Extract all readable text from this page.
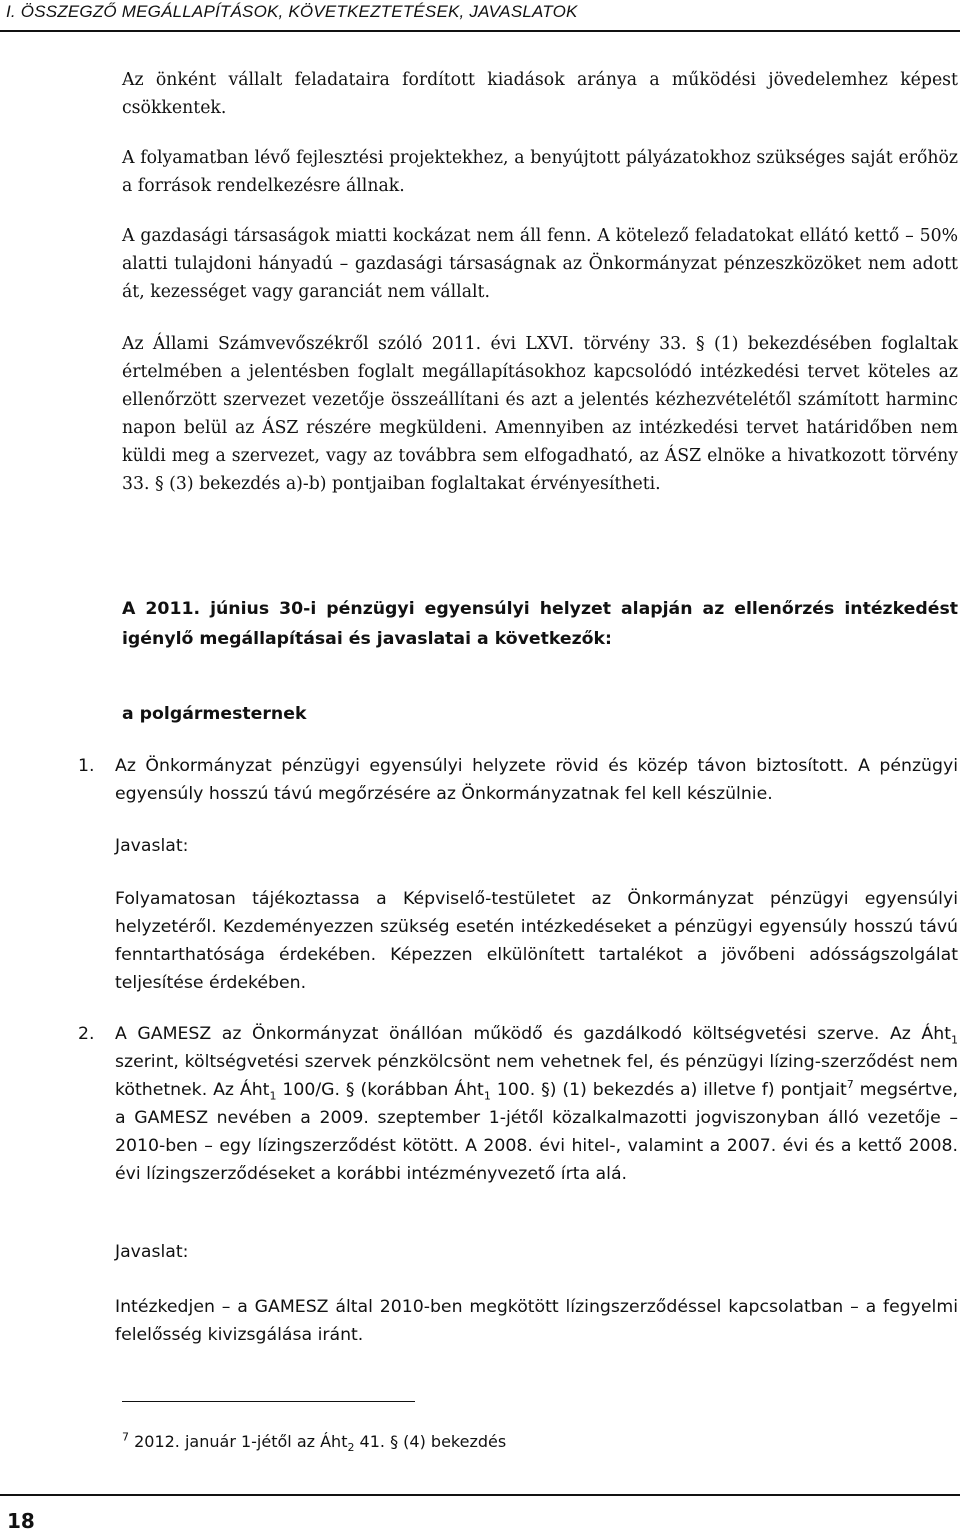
I. ÖSSZEGZŐ MEGÁLLAPÍTÁSOK, KÖVETKEZTETÉSEK, JAVASLATOK

Az önként vállalt feladataira fordított kiadások aránya a működési jövedelemhez képest csökkentek.

A folyamatban lévő fejlesztési projektekhez, a benyújtott pályázatokhoz szükséges saját erőhöz a források rendelkezésre állnak.

A gazdasági társaságok miatti kockázat nem áll fenn. A kötelező feladatokat ellátó kettő – 50% alatti tulajdoni hányadú – gazdasági társaságnak az Önkormányzat pénzeszközöket nem adott át, kezességet vagy garanciát nem vállalt.

Az Állami Számvevőszékről szóló 2011. évi LXVI. törvény 33. § (1) bekezdésében foglaltak értelmében a jelentésben foglalt megállapításokhoz kapcsolódó intézkedési tervet köteles az ellenőrzött szervezet vezetője összeállítani és azt a jelentés kézhezvételétől számított harminc napon belül az ÁSZ részére megküldeni. Amennyiben az intézkedési tervet határidőben nem küldi meg a szervezet, vagy az továbbra sem elfogadható, az ÁSZ elnöke a hivatkozott törvény 33. § (3) bekezdés a)-b) pontjaiban foglaltakat érvényesítheti.

A 2011. június 30-i pénzügyi egyensúlyi helyzet alapján az ellenőrzés intézkedést igénylő megállapításai és javaslatai a következők:

a polgármesternek

1. Az Önkormányzat pénzügyi egyensúlyi helyzete rövid és közép távon biztosított. A pénzügyi egyensúly hosszú távú megőrzésére az Önkormányzatnak fel kell készülnie.

Javaslat:

Folyamatosan tájékoztassa a Képviselő-testületet az Önkormányzat pénzügyi egyensúlyi helyzetéről. Kezdeményezzen szükség esetén intézkedéseket a pénzügyi egyensúly hosszú távú fenntarthatósága érdekében. Képezzen elkülönített tartalékot a jövőbeni adósságszolgálat teljesítése érdekében.

2. A GAMESZ az Önkormányzat önállóan működő és gazdálkodó költségvetési szerve. Az Áht$_1$ szerint, költségvetési szervek pénzkölcsönt nem vehetnek fel, és pénzügyi lízing-szerződést nem köthetnek. Az Áht$_1$ 100/G. § (korábban Áht$_1$ 100. §) (1) bekezdés a) illetve f) pontjait$^7$ megsértve, a GAMESZ nevében a 2009. szeptember 1-jétől közalkalmazotti jogviszonyban álló vezetője – 2010-ben – egy lízingszerződést kötött. A 2008. évi hitel-, valamint a 2007. évi és a kettő 2008. évi lízingszerződéseket a korábbi intézményvezető írta alá.

Javaslat:

Intézkedjen – a GAMESZ által 2010-ben megkötött lízingszerződéssel kapcsolatban – a fegyelmi felelősség kivizsgálása iránt.

$^7$ 2012. január 1-jétől az Áht$_2$ 41. § (4) bekezdés

18
